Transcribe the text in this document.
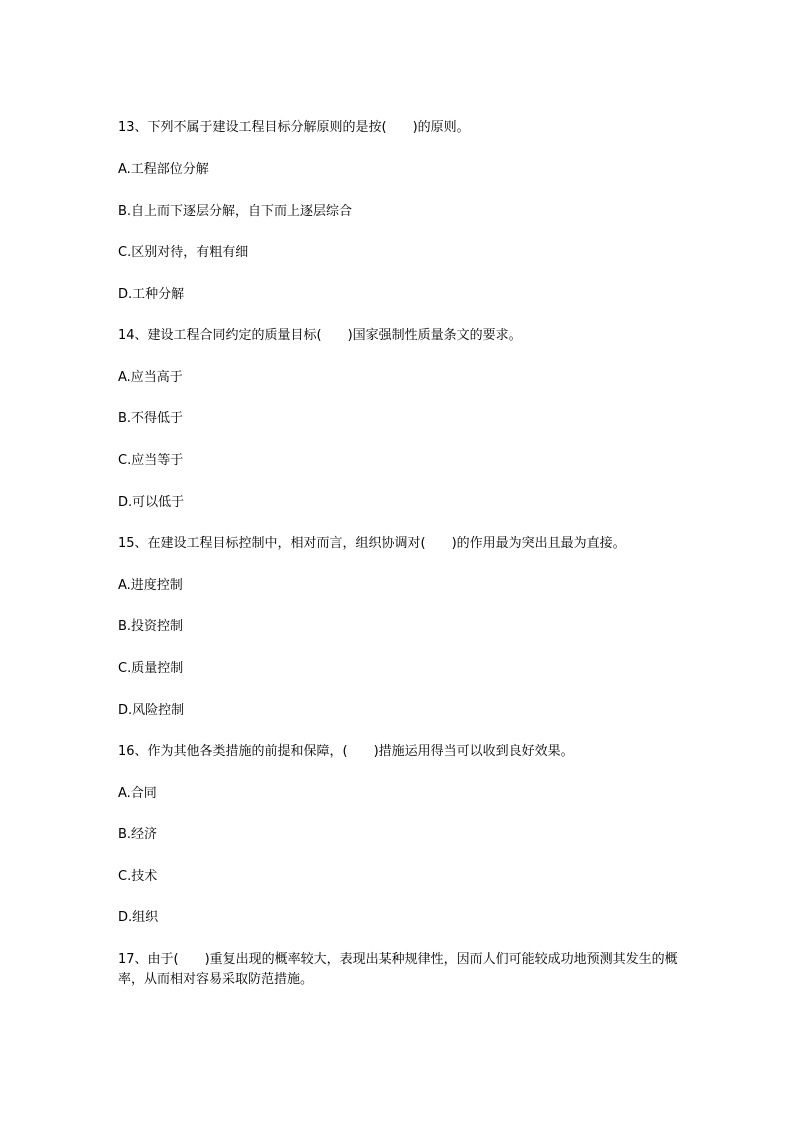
13、下列不属于建设工程目标分解原则的是按(　　)的原则。
A.工程部位分解
B.自上而下逐层分解，自下而上逐层综合
C.区别对待，有粗有细
D.工种分解
14、建设工程合同约定的质量目标(　　)国家强制性质量条文的要求。
A.应当高于
B.不得低于
C.应当等于
D.可以低于
15、在建设工程目标控制中，相对而言，组织协调对(　　)的作用最为突出且最为直接。
A.进度控制
B.投资控制
C.质量控制
D.风险控制
16、作为其他各类措施的前提和保障，(　　)措施运用得当可以收到良好效果。
A.合同
B.经济
C.技术
D.组织
17、由于(　　)重复出现的概率较大，表现出某种规律性，因而人们可能较成功地预测其发生的概率，从而相对容易采取防范措施。
